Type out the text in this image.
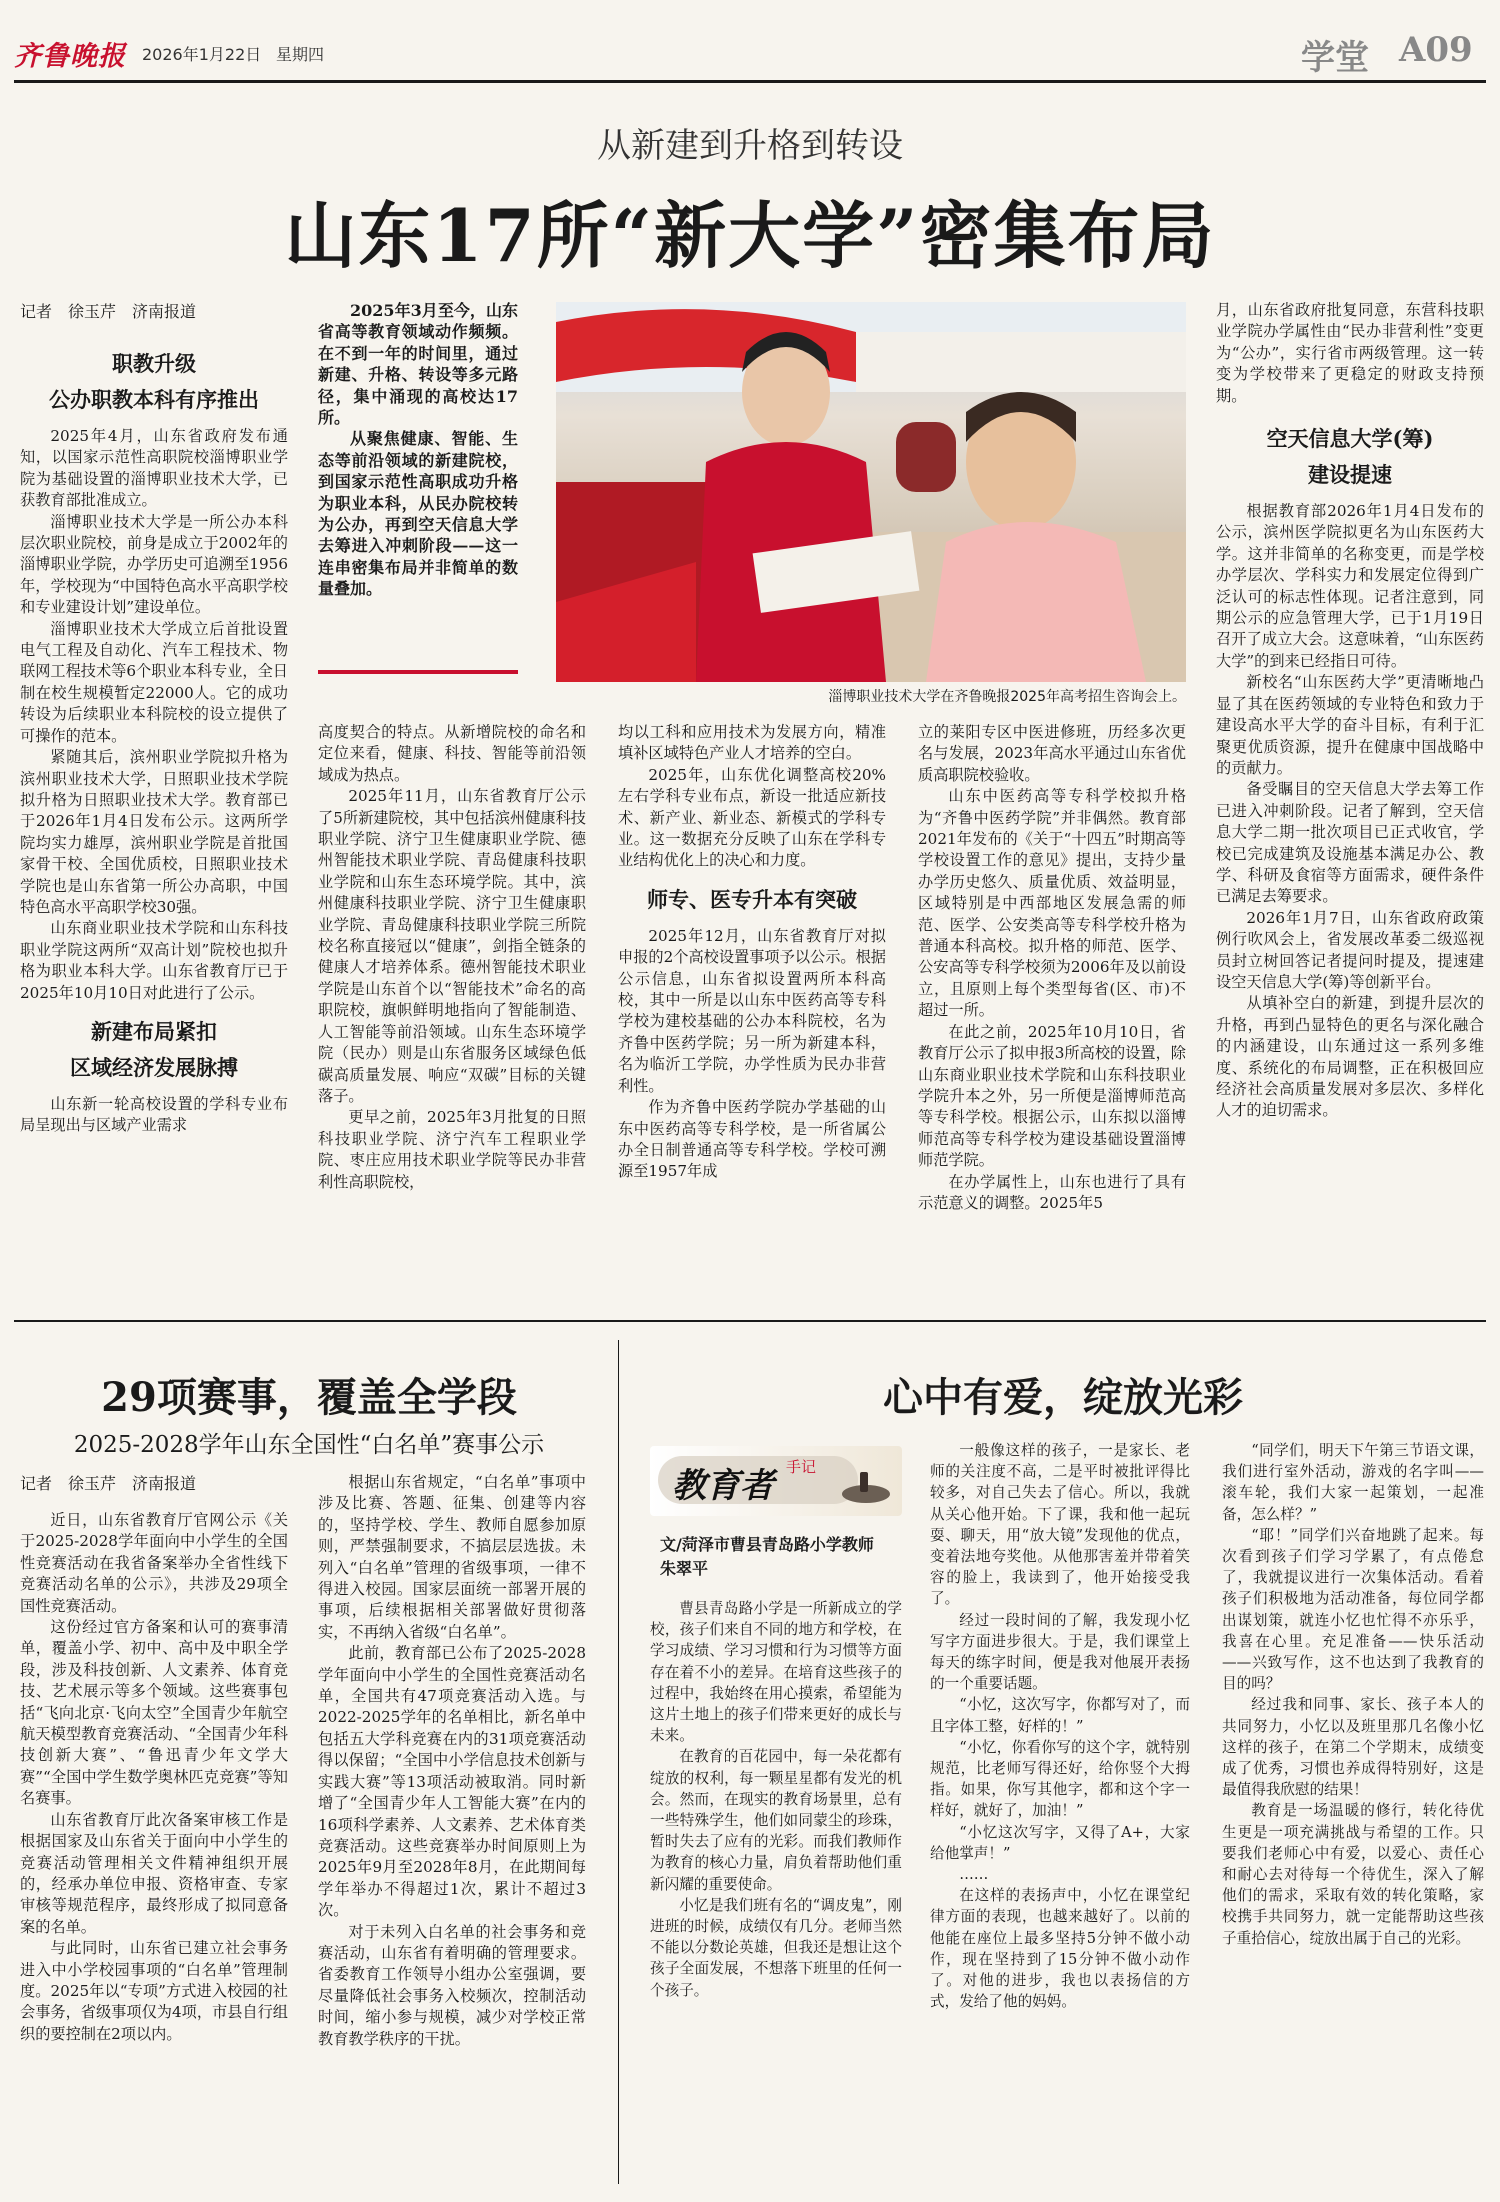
齐鲁晚报 2026年1月22日 星期四	学堂 A09
从新建到升格到转设
山东17所“新大学”密集布局
记者　徐玉芹　济南报道
职教升级
公办职教本科有序推出

2025年4月，山东省政府发布通知，以国家示范性高职院校淄博职业学院为基础设置的淄博职业技术大学，已获教育部批准成立。

淄博职业技术大学是一所公办本科层次职业院校，前身是成立于2002年的淄博职业学院，办学历史可追溯至1956年，学校现为“中国特色高水平高职学校和专业建设计划”建设单位。

淄博职业技术大学成立后首批设置电气工程及自动化、汽车工程技术、物联网工程技术等6个职业本科专业，全日制在校生规模暂定22000人。它的成功转设为后续职业本科院校的设立提供了可操作的范本。

紧随其后，滨州职业学院拟升格为滨州职业技术大学，日照职业技术学院拟升格为日照职业技术大学。教育部已于2026年1月4日发布公示。这两所学院均实力雄厚，滨州职业学院是首批国家骨干校、全国优质校，日照职业技术学院也是山东省第一所公办高职，中国特色高水平高职学校30强。

山东商业职业技术学院和山东科技职业学院这两所“双高计划”院校也拟升格为职业本科大学。山东省教育厅已于2025年10月10日对此进行了公示。

新建布局紧扣
区域经济发展脉搏

山东新一轮高校设置的学科专业布局呈现出与区域产业需求

2025年3月至今，山东省高等教育领域动作频频。在不到一年的时间里，通过新建、升格、转设等多元路径，集中涌现的高校达17所。

从聚焦健康、智能、生态等前沿领域的新建院校，到国家示范性高职成功升格为职业本科，从民办院校转为公办，再到空天信息大学去筹进入冲刺阶段——这一连串密集布局并非简单的数量叠加。

淄博职业技术大学在齐鲁晚报2025年高考招生咨询会上。

高度契合的特点。从新增院校的命名和定位来看，健康、科技、智能等前沿领域成为热点。

2025年11月，山东省教育厅公示了5所新建院校，其中包括滨州健康科技职业学院、济宁卫生健康职业学院、德州智能技术职业学院、青岛健康科技职业学院和山东生态环境学院。其中，滨州健康科技职业学院、济宁卫生健康职业学院、青岛健康科技职业学院三所院校名称直接冠以“健康”，剑指全链条的健康人才培养体系。德州智能技术职业学院是山东首个以“智能技术”命名的高职院校，旗帜鲜明地指向了智能制造、人工智能等前沿领域。山东生态环境学院（民办）则是山东省服务区域绿色低碳高质量发展、响应“双碳”目标的关键落子。

更早之前，2025年3月批复的日照科技职业学院、济宁汽车工程职业学院、枣庄应用技术职业学院等民办非营利性高职院校，

均以工科和应用技术为发展方向，精准填补区域特色产业人才培养的空白。

2025年，山东优化调整高校20%左右学科专业布点，新设一批适应新技术、新产业、新业态、新模式的学科专业。这一数据充分反映了山东在学科专业结构优化上的决心和力度。

师专、医专升本有突破

2025年12月，山东省教育厅对拟申报的2个高校设置事项予以公示。根据公示信息，山东省拟设置两所本科高校，其中一所是以山东中医药高等专科学校为建校基础的公办本科院校，名为齐鲁中医药学院；另一所为新建本科，名为临沂工学院，办学性质为民办非营利性。

作为齐鲁中医药学院办学基础的山东中医药高等专科学校，是一所省属公办全日制普通高等专科学校。学校可溯源至1957年成

立的莱阳专区中医进修班，历经多次更名与发展，2023年高水平通过山东省优质高职院校验收。

山东中医药高等专科学校拟升格为“齐鲁中医药学院”并非偶然。教育部2021年发布的《关于“十四五”时期高等学校设置工作的意见》提出，支持少量办学历史悠久、质量优质、效益明显，区域特别是中西部地区发展急需的师范、医学、公安类高等专科学校升格为普通本科高校。拟升格的师范、医学、公安高等专科学校须为2006年及以前设立，且原则上每个类型每省(区、市)不超过一所。

在此之前，2025年10月10日，省教育厅公示了拟申报3所高校的设置，除山东商业职业技术学院和山东科技职业学院升本之外，另一所便是淄博师范高等专科学校。根据公示，山东拟以淄博师范高等专科学校为建设基础设置淄博师范学院。

在办学属性上，山东也进行了具有示范意义的调整。2025年5

月，山东省政府批复同意，东营科技职业学院办学属性由“民办非营利性”变更为“公办”，实行省市两级管理。这一转变为学校带来了更稳定的财政支持预期。

空天信息大学(筹)
建设提速

根据教育部2026年1月4日发布的公示，滨州医学院拟更名为山东医药大学。这并非简单的名称变更，而是学校办学层次、学科实力和发展定位得到广泛认可的标志性体现。记者注意到，同期公示的应急管理大学，已于1月19日召开了成立大会。这意味着，“山东医药大学”的到来已经指日可待。

新校名“山东医药大学”更清晰地凸显了其在医药领域的专业特色和致力于建设高水平大学的奋斗目标，有利于汇聚更优质资源，提升在健康中国战略中的贡献力。

备受瞩目的空天信息大学去筹工作已进入冲刺阶段。记者了解到，空天信息大学二期一批次项目已正式收官，学校已完成建筑及设施基本满足办公、教学、科研及食宿等方面需求，硬件条件已满足去筹要求。

2026年1月7日，山东省政府政策例行吹风会上，省发展改革委二级巡视员封立树回答记者提问时提及，提速建设空天信息大学(筹)等创新平台。

从填补空白的新建，到提升层次的升格，再到凸显特色的更名与深化融合的内涵建设，山东通过这一系列多维度、系统化的布局调整，正在积极回应经济社会高质量发展对多层次、多样化人才的迫切需求。

29项赛事，覆盖全学段
2025-2028学年山东全国性“白名单”赛事公示
记者　徐玉芹　济南报道

近日，山东省教育厅官网公示《关于2025-2028学年面向中小学生的全国性竞赛活动在我省备案举办全省性线下竞赛活动名单的公示》，共涉及29项全国性竞赛活动。

这份经过官方备案和认可的赛事清单，覆盖小学、初中、高中及中职全学段，涉及科技创新、人文素养、体育竞技、艺术展示等多个领域。这些赛事包括“飞向北京·飞向太空”全国青少年航空航天模型教育竞赛活动、“全国青少年科技创新大赛”、“鲁迅青少年文学大赛”“全国中学生数学奥林匹克竞赛”等知名赛事。

山东省教育厅此次备案审核工作是根据国家及山东省关于面向中小学生的竞赛活动管理相关文件精神组织开展的，经承办单位申报、资格审查、专家审核等规范程序，最终形成了拟同意备案的名单。

与此同时，山东省已建立社会事务进入中小学校园事项的“白名单”管理制度。2025年以“专项”方式进入校园的社会事务，省级事项仅为4项，市县自行组织的要控制在2项以内。

根据山东省规定，“白名单”事项中涉及比赛、答题、征集、创建等内容的，坚持学校、学生、教师自愿参加原则，严禁强制要求，不搞层层选拔。未列入“白名单”管理的省级事项，一律不得进入校园。国家层面统一部署开展的事项，后续根据相关部署做好贯彻落实，不再纳入省级“白名单”。

此前，教育部已公布了2025-2028学年面向中小学生的全国性竞赛活动名单，全国共有47项竞赛活动入选。与2022-2025学年的名单相比，新名单中包括五大学科竞赛在内的31项竞赛活动得以保留；“全国中小学信息技术创新与实践大赛”等13项活动被取消。同时新增了“全国青少年人工智能大赛”在内的16项科学素养、人文素养、艺术体育类竞赛活动。这些竞赛举办时间原则上为2025年9月至2028年8月，在此期间每学年举办不得超过1次，累计不超过3次。

对于未列入白名单的社会事务和竞赛活动，山东省有着明确的管理要求。省委教育工作领导小组办公室强调，要尽量降低社会事务入校频次，控制活动时间，缩小参与规模，减少对学校正常教育教学秩序的干扰。

心中有爱，绽放光彩
教育者 手记
文/菏泽市曹县青岛路小学教师
朱翠平

曹县青岛路小学是一所新成立的学校，孩子们来自不同的地方和学校，在学习成绩、学习习惯和行为习惯等方面存在着不小的差异。在培育这些孩子的过程中，我始终在用心摸索，希望能为这片土地上的孩子们带来更好的成长与未来。

在教育的百花园中，每一朵花都有绽放的权利，每一颗星星都有发光的机会。然而，在现实的教育场景里，总有一些特殊学生，他们如同蒙尘的珍珠，暂时失去了应有的光彩。而我们教师作为教育的核心力量，肩负着帮助他们重新闪耀的重要使命。

小忆是我们班有名的“调皮鬼”，刚进班的时候，成绩仅有几分。老师当然不能以分数论英雄，但我还是想让这个孩子全面发展，不想落下班里的任何一个孩子。

一般像这样的孩子，一是家长、老师的关注度不高，二是平时被批评得比较多，对自己失去了信心。所以，我就从关心他开始。下了课，我和他一起玩耍、聊天，用“放大镜”发现他的优点，变着法地夸奖他。从他那害羞并带着笑容的脸上，我读到了，他开始接受我了。

经过一段时间的了解，我发现小忆写字方面进步很大。于是，我们课堂上每天的练字时间，便是我对他展开表扬的一个重要话题。

“小忆，这次写字，你都写对了，而且字体工整，好样的！”

“小忆，你看你写的这个字，就特别规范，比老师写得还好，给你竖个大拇指。如果，你写其他字，都和这个字一样好，就好了，加油！”

“小忆这次写字，又得了A+，大家给他掌声！”

……

在这样的表扬声中，小忆在课堂纪律方面的表现，也越来越好了。以前的他能在座位上最多坚持5分钟不做小动作，现在坚持到了15分钟不做小动作了。对他的进步，我也以表扬信的方式，发给了他的妈妈。

“同学们，明天下午第三节语文课，我们进行室外活动，游戏的名字叫——滚车轮，我们大家一起策划，一起准备，怎么样？”

“耶！”同学们兴奋地跳了起来。每次看到孩子们学习学累了，有点倦怠了，我就提议进行一次集体活动。看着孩子们积极地为活动准备，每位同学都出谋划策，就连小忆也忙得不亦乐乎，我喜在心里。充足准备——快乐活动——兴致写作，这不也达到了我教育的目的吗？

经过我和同事、家长、孩子本人的共同努力，小忆以及班里那几名像小忆这样的孩子，在第二个学期末，成绩变成了优秀，习惯也养成得特别好，这是最值得我欣慰的结果！

教育是一场温暖的修行，转化待优生更是一项充满挑战与希望的工作。只要我们老师心中有爱，以爱心、责任心和耐心去对待每一个待优生，深入了解他们的需求，采取有效的转化策略，家校携手共同努力，就一定能帮助这些孩子重拾信心，绽放出属于自己的光彩。
